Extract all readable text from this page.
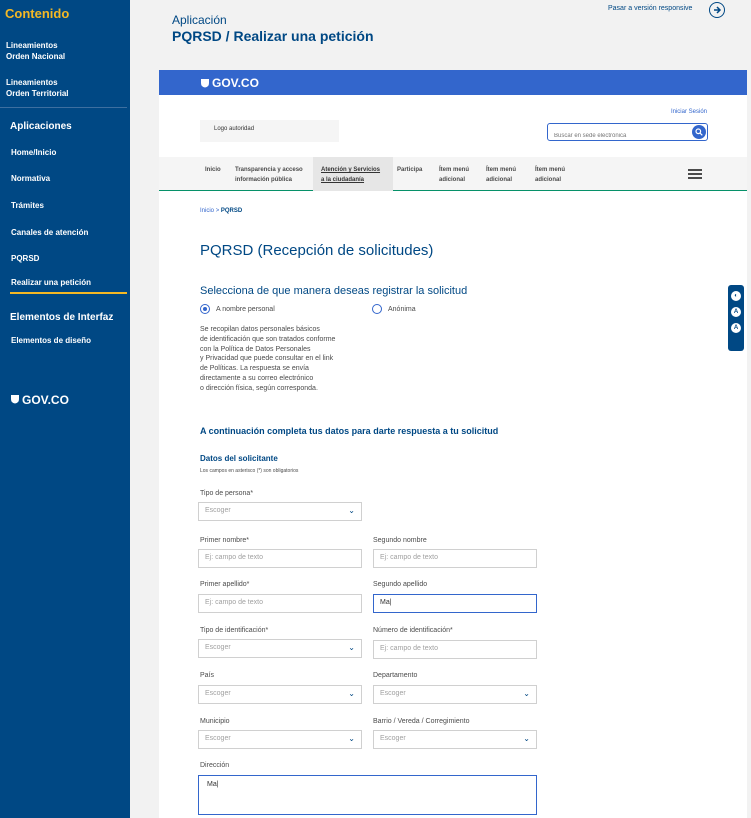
Contenido
Lineamientos
Orden Nacional
Lineamientos
Orden Territorial
Aplicaciones
Home/Inicio
Normativa
Trámites
Canales de atención
PQRSD
Realizar una petición
Elementos de Interfaz
Elementos de diseño
GOV.CO
Aplicación
PQRSD / Realizar una petición
Pasar a versión responsive
GOV.CO
Iniciar Sesión
Logo autoridad
Buscar en sede electrónica
Inicio Transparencia y acceso
información pública
Atención y Servicios
a la ciudadanía
Participa	Ítem menú
adicional
Ítem menú
adicional
Ítem menú
adicional
Inicio > PQRSD
PQRSD (Recepción de solicitudes)
Selecciona de que manera deseas registrar la solicitud
A nombre personal	Anónima
Se recopilan datos personales básicos
de identificación que son tratados conforme
con la Política de Datos Personales
y Privacidad que puede consultar en el link
de Políticas. La respuesta se envía
directamente a su correo electrónico
o dirección física, según corresponda.
A continuación completa tus datos para darte respuesta a tu solicitud
Datos del solicitante
Los campos en asterisco (*) son obligatorios
Tipo de persona*
Escoger	⌄
Primer nombre*
Ej: campo de texto
Segundo nombre
Ej: campo de texto
Primer apellido*
Ej: campo de texto
Segundo apellido
Ma|
Tipo de identificación*
Escoger	⌄
Número de identificación*
Ej: campo de texto
País
Escoger	⌄
Departamento
Escoger	⌄
Municipio
Escoger	⌄
Barrio / Vereda / Corregimiento
Escoger	⌄
Dirección
Ma|
◐
A
A
